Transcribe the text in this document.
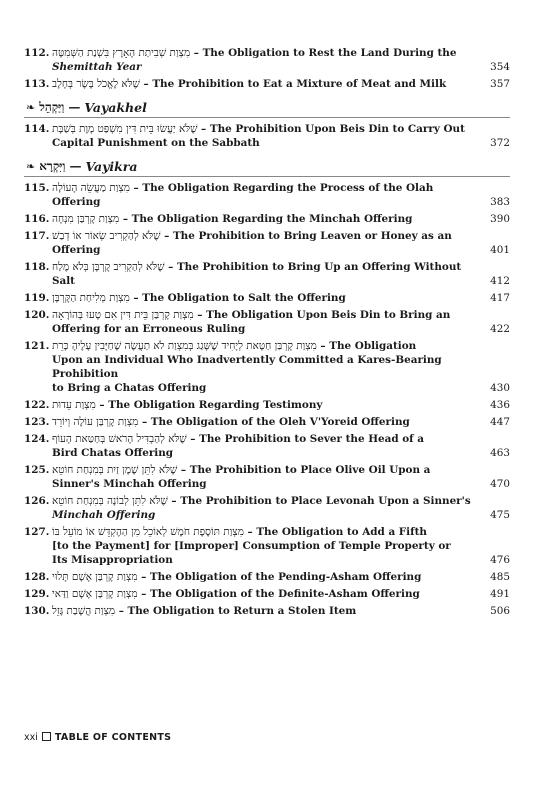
112. מִצְוַת שְׁבִיתַת הָאָרֶץ בִּשְׁנַת הַשְּׁמִטָּה – The Obligation to Rest the Land During the
Shemittah Year	354
113. שֶׁלֹּא לֶאֱכֹל בָּשָׂר בְּחָלָב – The Prohibition to Eat a Mixture of Meat and Milk	357
❧ וַיַּקְהֵל — Vayakhel
114. שֶׁלֹּא יַעֲשׂוּ בֵּית דִּין מִשְׁפַּט מָוֶת בְּשַׁבָּת – The Prohibition Upon Beis Din to Carry Out
Capital Punishment on the Sabbath	372
❧ וַיִּקְרָא — Vayikra
115. מִצְוַת מַעֲשֵׂה הָעוֹלָה – The Obligation Regarding the Process of the Olah Offering	383
116. מִצְוַת קָרְבַּן מִנְחָה – The Obligation Regarding the Minchah Offering	390
117. שֶׁלֹּא לְהַקְרִיב שְׂאוֹר אוֹ דְבַשׁ – The Prohibition to Bring Leaven or Honey as an
Offering	401
118. שֶׁלֹּא לְהַקְרִיב קָרְבָּן בְּלֹא מֶלַח – The Prohibition to Bring Up an Offering Without Salt	412
119. מִצְוַת מְלִיחַת הַקָּרְבָּן – The Obligation to Salt the Offering	417
120. מִצְוַת קָרְבַּן בֵּית דִּין אִם טָעוּ בְּהוֹרָאָה – The Obligation Upon Beis Din to Bring an
Offering for an Erroneous Ruling	422
121. מִצְוַת קָרְבַּן חַטָּאת לְיָחִיד שֶׁשָּׁגַג בְּמִצְוַת לֹא תַעֲשֶׂה שֶׁחַיָּבִין עָלֶיהָ כָּרֵת – The Obligation
Upon an Individual Who Inadvertently Committed a Kares-Bearing Prohibition
to Bring a Chatas Offering	430
122. מִצְוַת עֵדוּת – The Obligation Regarding Testimony	436
123. מִצְוַת קָרְבַּן עוֹלֶה וְיוֹרֵד – The Obligation of the Oleh V'Yoreid Offering	447
124. שֶׁלֹּא לְהַבְדִּיל הָרֹאשׁ בְּחַטַּאת הָעוֹף – The Prohibition to Sever the Head of a
Bird Chatas Offering	463
125. שֶׁלֹּא לִתֵּן שֶׁמֶן זַיִת בְּמִנְחַת חוֹטֵא – The Prohibition to Place Olive Oil Upon a
Sinner's Minchah Offering	470
126. שֶׁלֹּא לִתֵּן לְבוֹנָה בְּמִנְחַת חוֹטֵא – The Prohibition to Place Levonah Upon a Sinner's
Minchah Offering	475
127. מִצְוַת תּוֹסֶפֶת חֹמֶשׁ לְאוֹכֵל מִן הַהֶקְדֵּשׁ אוֹ מוֹעֵל בּוֹ – The Obligation to Add a Fifth
[to the Payment] for [Improper] Consumption of Temple Property or
Its Misappropriation	476
128. מִצְוַת קָרְבַּן אָשָׁם תָּלוּי – The Obligation of the Pending-Asham Offering	485
129. מִצְוַת קָרְבַּן אָשָׁם וַדַּאי – The Obligation of the Definite-Asham Offering	491
130. מִצְוַת הֲשָׁבַת גָּזֵל – The Obligation to Return a Stolen Item	506
xxi TABLE OF CONTENTS
